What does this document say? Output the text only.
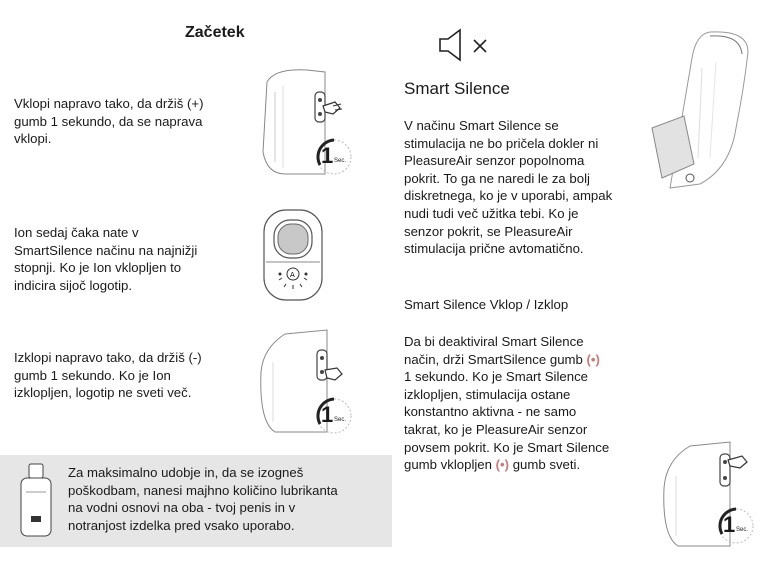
Začetek
Vklopi napravo tako, da držiš (+)
gumb 1 sekundo, da se naprava
vklopi.
Ion sedaj čaka nate v
SmartSilence načinu na najnižji
stopnji. Ko je Ion vklopljen to
indicira sijoč logotip.
Izklopi napravo tako, da držiš (-)
gumb 1 sekundo. Ko je Ion
izklopljen, logotip ne sveti več.
1 Sec.
A
1 Sec.
Za maksimalno udobje in, da se izogneš
poškodbam, nanesi majhno količino lubrikanta
na vodni osnovi na oba - tvoj penis in v
notranjost izdelka pred vsako uporabo.
Smart Silence
V načinu Smart Silence se
stimulacija ne bo pričela dokler ni
PleasureAir senzor popolnoma
pokrit. To ga ne naredi le za bolj
diskretnega, ko je v uporabi, ampak
nudi tudi več užitka tebi. Ko je
senzor pokrit, se PleasureAir
stimulacija pričnе avtomatično.
Smart Silence Vklop / Izklop
Da bi deaktiviral Smart Silence
način, drži SmartSilence gumb (•)
1 sekundo. Ko je Smart Silence
izklopljen, stimulacija ostane
konstantno aktivna - ne samo
takrat, ko je PleasureAir senzor
povsem pokrit. Ko je Smart Silence
gumb vklopljen (•) gumb sveti.
1 Sec.
